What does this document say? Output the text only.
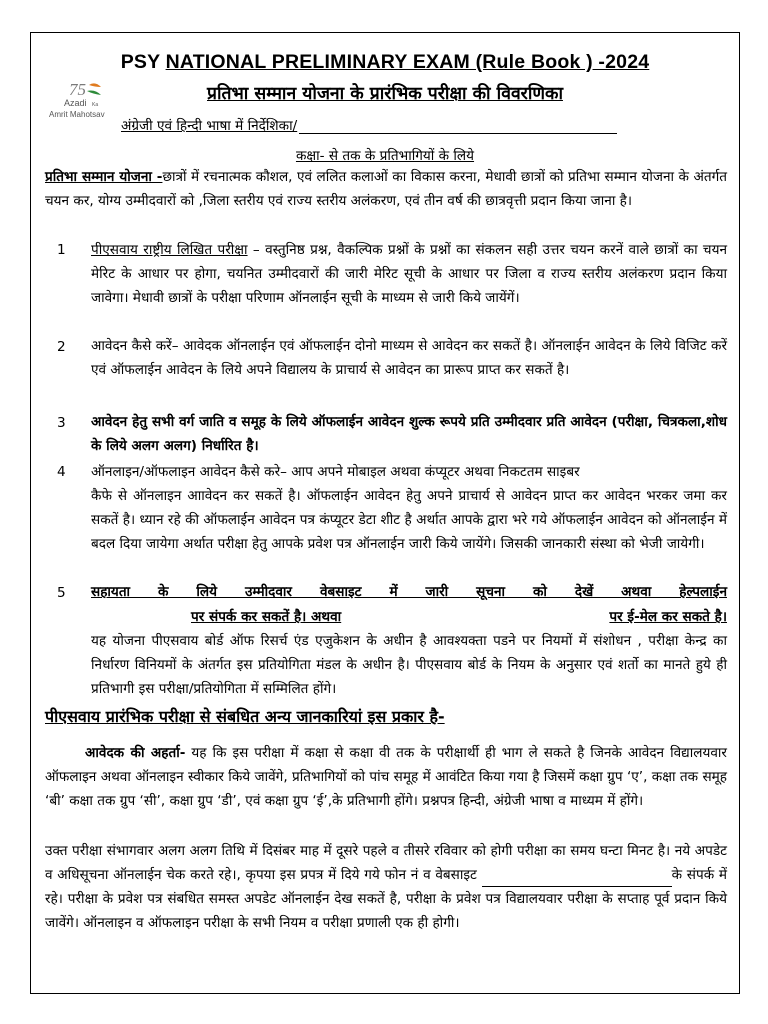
PSY NATIONAL PRELIMINARY EXAM (Rule Book ) -2024
75
Azadi Ka
Amrit Mahotsav
प्रतिभा सम्मान योजना के प्रारंभिक परीक्षा की विवरणिका
अंग्रेजी एवं हिन्दी भाषा में निर्देशिका/
कक्षा- से तक के प्रतिभागियों के लिये
प्रतिभा सम्मान योजना -छात्रों में रचनात्मक कौशल, एवं ललित कलाओं का विकास करना, मेधावी छात्रों को प्रतिभा सम्मान योजना के अंतर्गत चयन कर, योग्य उम्मीदवारों को ,जिला स्तरीय एवं राज्य स्तरीय अलंकरण, एवं तीन वर्ष की छात्रवृत्ती प्रदान किया जाना है।
1 पीएसवाय राष्ट्रीय लिखित परीक्षा – वस्तुनिष्ठ प्रश्न, वैकल्पिक प्रश्नों के प्रश्नों का संकलन सही उत्तर चयन करनें वाले छात्रों का चयन मेरिट के आधार पर होगा, चयनित उम्मीदवारों की जारी मेरिट सूची के आधार पर जिला व राज्य स्तरीय अलंकरण प्रदान किया जावेगा। मेधावी छात्रों के परीक्षा परिणाम ऑनलाईन सूची के माध्यम से जारी किये जायेंगें।
2 आवेदन कैसे करें– आवेदक ऑनलाईन एवं ऑफलाईन दोनो माध्यम से आवेदन कर सकतें है। ऑनलाईन आवेदन के लिये विजिट करें एवं ऑफलाईन आवेदन के लिये अपने विद्यालय के प्राचार्य से आवेदन का प्रारूप प्राप्त कर सकतें है।
3 आवेदन हेतु सभी वर्ग जाति व समूह के लिये ऑफलाईन आवेदन शुल्क रूपये प्रति उम्मीदवार प्रति आवेदन (परीक्षा, चित्रकला,शोध के लिये अलग अलग) निर्धारित है।
4 ऑनलाइन/ऑफलाइन आवेदन कैसे करे– आप अपने मोबाइल अथवा कंप्यूटर अथवा निकटतम साइबर
कैफे से ऑनलाइन आावेदन कर सकतें है। ऑफलाईन आवेदन हेतु अपने प्राचार्य से आवेदन प्राप्त कर आवेदन भरकर जमा कर सकतें है। ध्यान रहे की ऑफलाईन आवेदन पत्र कंप्यूटर डेटा शीट है अर्थात आपके द्वारा भरे गये ऑफलाईन आवेदन को ऑनलाईन में बदल दिया जायेगा अर्थात परीक्षा हेतु आपके प्रवेश पत्र ऑनलाईन जारी किये जायेंगे। जिसकी जानकारी संस्था को भेजी जायेगी।
5 सहायता के लिये उम्मीदवार वेबसाइट में जारी सूचना को देखें अथवा हेल्पलाईन
पर संपर्क कर सकतें है। अथवा	पर ई-मेल कर सकते है।
यह योजना पीएसवाय बोर्ड ऑफ रिसर्च एंड एजुकेशन के अधीन है आवश्यक्ता पडने पर नियमों में संशोधन , परीक्षा केन्द्र का निर्धारण विनियमों के अंतर्गत इस प्रतियोगिता मंडल के अधीन है। पीएसवाय बोर्ड के नियम के अनुसार एवं शर्तो का मानते हुये ही प्रतिभागी इस परीक्षा/प्रतियोगिता में सम्मिलित होंगे।
पीएसवाय प्रारंभिक परीक्षा से संबधित अन्य जानकारियां इस प्रकार है-
आवेदक की अहर्ता- यह कि इस परीक्षा में कक्षा से कक्षा वी तक के परीक्षार्थी ही भाग ले सकते है जिनके आवेदन विद्यालयवार ऑफलाइन अथवा ऑनलाइन स्वीकार किये जावेंगे, प्रतिभागियों को पांच समूह में आवंटित किया गया है जिसमें कक्षा ग्रुप ‘ए’, कक्षा तक समूह ‘बी’ कक्षा तक ग्रुप ‘सी’, कक्षा ग्रुप ‘डी’, एवं कक्षा ग्रुप ‘ई’,के प्रतिभागी होंगे। प्रश्नपत्र हिन्दी, अंग्रेजी भाषा व माध्यम में होंगे।
उक्त परीक्षा संभागवार अलग अलग तिथि में दिसंबर माह में दूसरे पहले व तीसरे रविवार को होगी परीक्षा का समय घन्टा मिनट है। नये अपडेट व अधिसूचना ऑनलाईन चेक करते रहे।, कृपया इस प्रपत्र में दिये गये फोन नं व वेबसाइट	के संपर्क में रहे। परीक्षा के प्रवेश पत्र संबधित समस्त अपडेट ऑनलाईन देख सकतें है, परीक्षा के प्रवेश पत्र विद्यालयवार परीक्षा के सप्ताह पूर्व प्रदान किये जावेंगे। ऑनलाइन व ऑफलाइन परीक्षा के सभी नियम व परीक्षा प्रणाली एक ही होगी।
